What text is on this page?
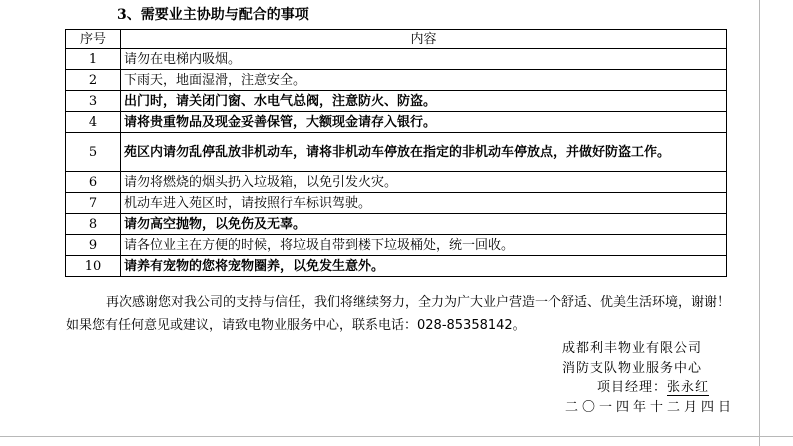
3、需要业主协助与配合的事项
序号	内容
1	请勿在电梯内吸烟。
2	下雨天，地面湿滑，注意安全。
3	出门时，请关闭门窗、水电气总阀，注意防火、防盗。
4	请将贵重物品及现金妥善保管，大额现金请存入银行。
5	苑区内请勿乱停乱放非机动车，请将非机动车停放在指定的非机动车停放点，并做好防盗工作。
6	请勿将燃烧的烟头扔入垃圾箱，以免引发火灾。
7	机动车进入苑区时，请按照行车标识驾驶。
8	请勿高空抛物，以免伤及无辜。
9	请各位业主在方便的时候，将垃圾自带到楼下垃圾桶处，统一回收。
10	请养有宠物的您将宠物圈养，以免发生意外。
再次感谢您对我公司的支持与信任，我们将继续努力，全力为广大业户营造一个舒适、优美生活环境，谢谢！如果您有任何意见或建议，请致电物业服务中心，联系电话：028-85358142。
成都利丰物业有限公司
消防支队物业服务中心
项目经理：张永红
二〇一四年十二月四日
